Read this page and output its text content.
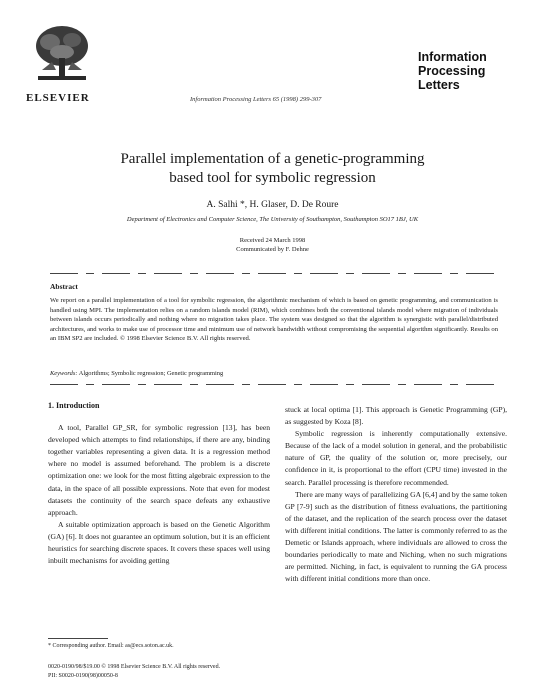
ELSEVIER	Information Processing Letters 65 (1998) 299-307
Information
Processing
Letters
Parallel implementation of a genetic-programming
based tool for symbolic regression
A. Salhi *, H. Glaser, D. De Roure
Department of Electronics and Computer Science, The University of Southampton, Southampton SO17 1BJ, UK
Received 24 March 1998
Communicated by F. Dehne
Abstract
We report on a parallel implementation of a tool for symbolic regression, the algorithmic mechanism of which is based on genetic programming, and communication is handled using MPI. The implementation relies on a random islands model (RIM), which combines both the conventional islands model where migration of individuals between islands occurs periodically and nothing where no migration takes place. The system was designed so that the algorithm is synergistic with parallel/distributed architectures, and works to make use of processor time and minimum use of network bandwidth without compromising the sequential algorithm significantly. Results on an IBM SP2 are included. © 1998 Elsevier Science B.V. All rights reserved.
Keywords: Algorithms; Symbolic regression; Genetic programming
1. Introduction

A tool, Parallel GP_SR, for symbolic regression [13], has been developed which attempts to find relationships, if there are any, binding together variables representing a given data. It is a regression method where no model is assumed beforehand. The problem is a discrete optimization one: we look for the most fitting algebraic expression to the data, in the space of all possible expressions. Note that even for modest datasets the continuity of the search space defeats any exhaustive approach.

A suitable optimization approach is based on the Genetic Algorithm (GA) [6]. It does not guarantee an optimum solution, but it is an efficient heuristics for searching discrete spaces. It covers these spaces well using inbuilt mechanisms for avoiding getting

stuck at local optima [1]. This approach is Genetic Programming (GP), as suggested by Koza [8].

Symbolic regression is inherently computationally extensive. Because of the lack of a model solution in general, and the probabilistic nature of GP, the quality of the solution or, more precisely, our confidence in it, is proportional to the effort (CPU time) invested in the search. Parallel processing is therefore recommended.

There are many ways of parallelizing GA [6,4] and by the same token GP [7-9] such as the distribution of fitness evaluations, the partitioning of the dataset, and the replication of the search process over the dataset with different initial conditions. The latter is commonly referred to as the Demetic or Islands approach, where individuals are allowed to cross the boundaries periodically to mate and Niching, when no such migrations are permitted. Niching, in fact, is equivalent to running the GA process with different initial conditions more than once.

* Corresponding author. Email: as@ecs.soton.ac.uk.
0020-0190/98/$19.00 © 1998 Elsevier Science B.V. All rights reserved.
PII: S0020-0190(98)00050-8
